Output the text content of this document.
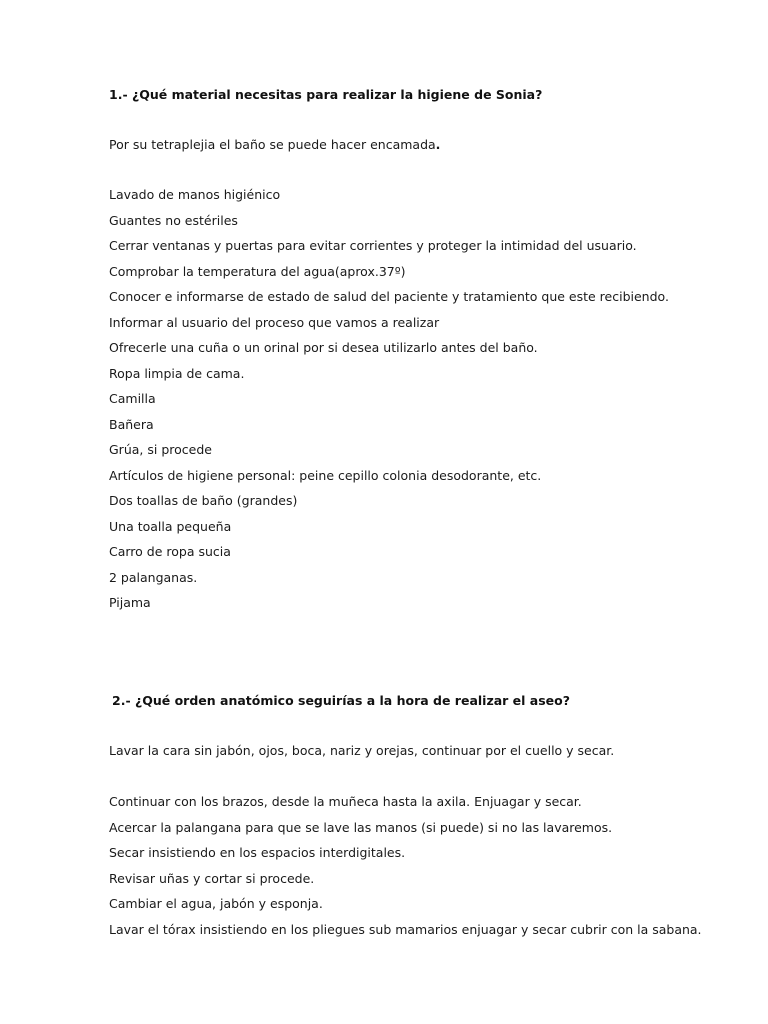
1.- ¿Qué material necesitas para realizar la higiene de Sonia?
Por su tetraplejia el baño se puede hacer encamada.
Lavado de manos higiénico
Guantes no estériles
Cerrar ventanas y puertas para evitar corrientes y proteger la intimidad del usuario.
Comprobar la temperatura del agua(aprox.37º)
Conocer e informarse de estado de salud del paciente y tratamiento que este recibiendo.
Informar al usuario del proceso que vamos a realizar
Ofrecerle una cuña o un orinal por si desea utilizarlo antes del baño.
Ropa limpia de cama.
Camilla
Bañera
Grúa, si procede
Artículos de higiene personal: peine cepillo colonia desodorante, etc.
Dos toallas de baño (grandes)
Una toalla pequeña
Carro de ropa sucia
2 palanganas.
Pijama
2.- ¿Qué orden anatómico seguirías a la hora de realizar el aseo?
Lavar la cara sin jabón, ojos, boca, nariz y orejas, continuar por el cuello y secar.
Continuar con los brazos, desde la muñeca hasta la axila. Enjuagar y secar.
Acercar la palangana para que se lave las manos (si puede) si no las lavaremos.
Secar insistiendo en los espacios interdigitales.
Revisar uñas y cortar si procede.
Cambiar el agua, jabón y esponja.
Lavar el tórax insistiendo en los pliegues sub mamarios enjuagar y secar cubrir con la sabana.
